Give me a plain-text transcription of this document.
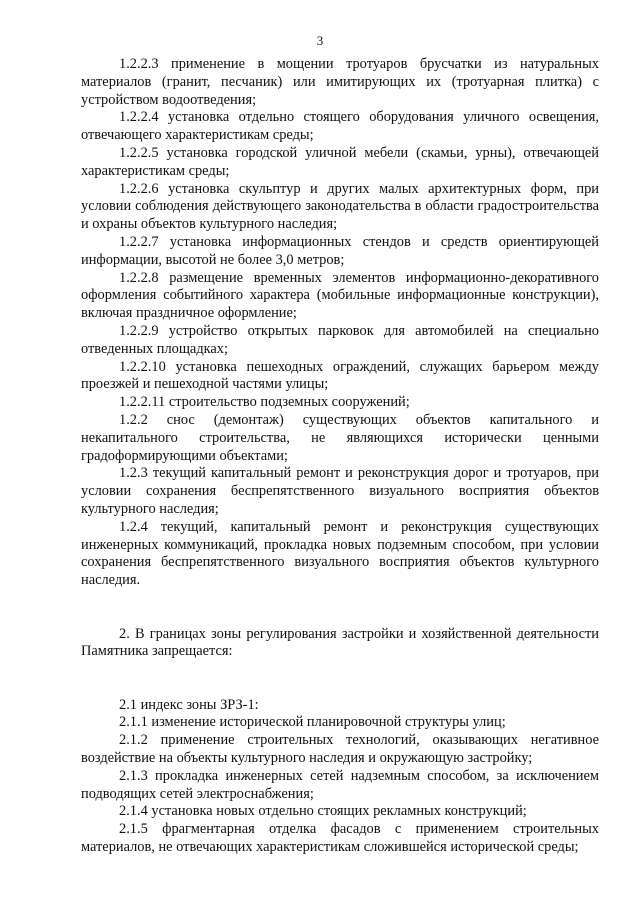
3

1.2.2.3 применение в мощении тротуаров брусчатки из натуральных материалов (гранит, песчаник) или имитирующих их (тротуарная плитка) с устройством водоотведения;

1.2.2.4 установка отдельно стоящего оборудования уличного освещения, отвечающего характеристикам среды;

1.2.2.5 установка городской уличной мебели (скамьи, урны), отвечающей характеристикам среды;

1.2.2.6 установка скульптур и других малых архитектурных форм, при условии соблюдения действующего законодательства в области градостроительства и охраны объектов культурного наследия;

1.2.2.7 установка информационных стендов и средств ориентирующей информации, высотой не более 3,0 метров;

1.2.2.8 размещение временных элементов информационно-декоративного оформления событийного характера (мобильные информационные конструкции), включая праздничное оформление;

1.2.2.9 устройство открытых парковок для автомобилей на специально отведенных площадках;

1.2.2.10 установка пешеходных ограждений, служащих барьером между проезжей и пешеходной частями улицы;

1.2.2.11 строительство подземных сооружений;

1.2.2 снос (демонтаж) существующих объектов капитального и некапитального строительства, не являющихся исторически ценными градоформирующими объектами;

1.2.3 текущий капитальный ремонт и реконструкция дорог и тротуаров, при условии сохранения беспрепятственного визуального восприятия объектов культурного наследия;

1.2.4 текущий, капитальный ремонт и реконструкция существующих инженерных коммуникаций, прокладка новых подземным способом, при условии сохранения беспрепятственного визуального восприятия объектов культурного наследия.

2. В границах зоны регулирования застройки и хозяйственной деятельности Памятника запрещается:

2.1 индекс зоны ЗРЗ-1:

2.1.1 изменение исторической планировочной структуры улиц;

2.1.2 применение строительных технологий, оказывающих негативное воздействие на объекты культурного наследия и окружающую застройку;

2.1.3 прокладка инженерных сетей надземным способом, за исключением подводящих сетей электроснабжения;

2.1.4 установка новых отдельно стоящих рекламных конструкций;

2.1.5 фрагментарная отделка фасадов с применением строительных материалов, не отвечающих характеристикам сложившейся исторической среды;
